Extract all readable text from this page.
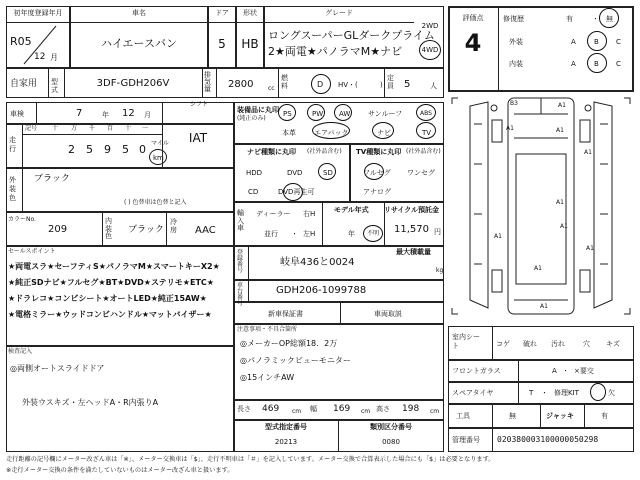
初年度登録年月
R05
12 月
車名
ハイエースバン
ドア
5
形状
HB
グレード
ロングスーパーGLダークプライム
2★両電★パノラマM★ナビ
2WD
4WD
自家用 型式
3DF-GDH206V
排気量	2800 cc
燃料	D HV・(	)
定員	5	人
評価点
4
修復歴	有	・ 無
外装	A	B C
内装	A	B C
車検	7	年 12 月
シフト
走行
記号 十 万 千 百 十 一
2 5 9 5 0 マイル
km
IAT
外装色
ブラック
( ) 色替車は色替と記入
カラーNo.
209
内装色
ブラック
冷房	AAC
装備品に丸印
(純正のみ)
PS	PW AW	サンルーフ	ABS
本革	エアバック	ナビ	TV
ナビ種類に丸印 (社外品含む)
HDD	DVD	SD
CD	DVD再生可
TV種類に丸印 (社外品含む)
フルセグ ワンセグ
アナログ
輸入車
ディーラー 右H
並行 ・ 左H
モデル年式
年 不明
リサイクル預託金
11,570 円
登録番号
岐阜436と0024
最大積載量
kg
車台番号
GDH206-1099788
新車保証書	車両取説
セールスポイント
★両電スラ★セーフティS★パノラマM★スマートキーX2★
★純正SDナビ★フルセグ★BT★DVD★ステリモ★ETC★
★ドラレコ★コンビシート★オートLED★純正15AW★
★電格ミラー★ウッドコンビハンドル★マットバイザー★
検査記入
◎両側オートスライドドア
外装ウスキズ・左ヘッドA・R内張りA
注意事項・不具合箇所
◎メーカーOP総額18．2万
◎パノラミックビューモニター
◎15インチAW
長さ 469 cm 幅 169 cm 高さ 198 cm
型式指定番号
20213
類別区分番号
0080
B3	A1
A1
A1
A1
A1
A1
A1
A1
A1
A1
室内シート	コゲ 破れ 汚れ	穴 キズ
フロントガラス	A ・ ×要交
スペアタイヤ	T ・ 修理KIT	欠
工具	無	ジャッキ	有
管理番号 020380003100000050298
走行距離の記号欄にメーター改ざん車は「※」、メーター交換車は「$」、走行不明車は「＃」を記入しています。メーター交換で合算表示した場合にも「$」は必要となります。
※走行メーター交換の条件を満たしていないものはメーター改ざん車と扱います。
